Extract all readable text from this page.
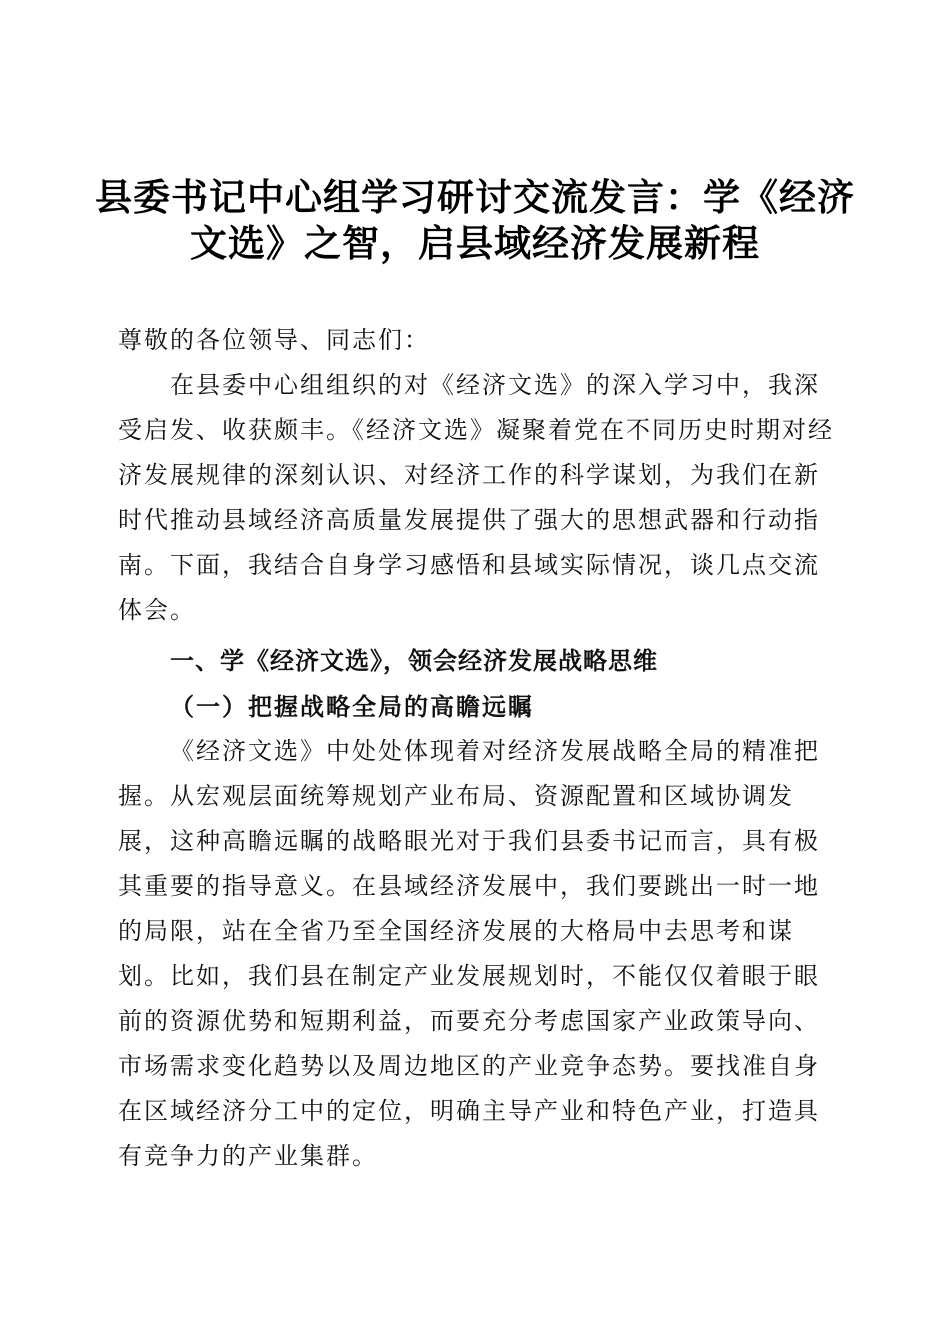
县委书记中心组学习研讨交流发言：学《经济
文选》之智，启县域经济发展新程

尊敬的各位领导、同志们：

在县委中心组组织的对《经济文选》的深入学习中，我深受启发、收获颇丰。《经济文选》凝聚着党在不同历史时期对经济发展规律的深刻认识、对经济工作的科学谋划，为我们在新时代推动县域经济高质量发展提供了强大的思想武器和行动指南。下面，我结合自身学习感悟和县域实际情况，谈几点交流体会。

一、学《经济文选》，领会经济发展战略思维

（一）把握战略全局的高瞻远瞩

《经济文选》中处处体现着对经济发展战略全局的精准把握。从宏观层面统筹规划产业布局、资源配置和区域协调发展，这种高瞻远瞩的战略眼光对于我们县委书记而言，具有极其重要的指导意义。在县域经济发展中，我们要跳出一时一地的局限，站在全省乃至全国经济发展的大格局中去思考和谋划。比如，我们县在制定产业发展规划时，不能仅仅着眼于眼前的资源优势和短期利益，而要充分考虑国家产业政策导向、市场需求变化趋势以及周边地区的产业竞争态势。要找准自身在区域经济分工中的定位，明确主导产业和特色产业，打造具有竞争力的产业集群。
